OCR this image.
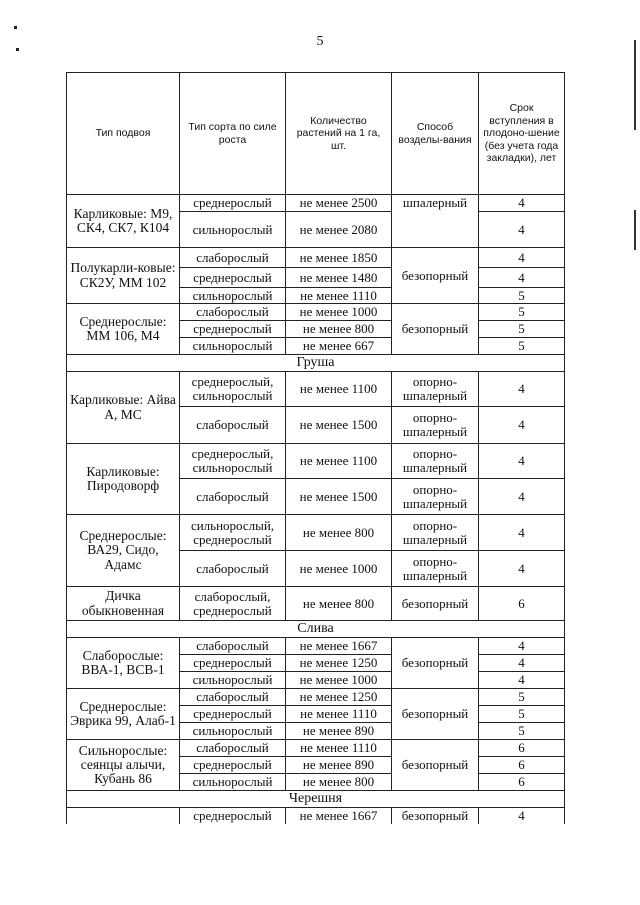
5
Тип подвоя	Тип сорта по силе роста	Количество растений на 1 га, шт.	Способ возделы-вания	Срок вступления в плодоно-шение (без учета года закладки), лет
Карликовые: М9, СК4, СК7, К104	среднерослый	не менее 2500	шпалерный	4
	сильнорослый	не менее 2080		4
Полукарли-ковые: СК2У, ММ 102	слаборослый	не менее 1850	безопорный	4
	среднерослый	не менее 1480		4
	сильнорослый	не менее 1110		5
Среднерослые: ММ 106, М4	слаборослый	не менее 1000	безопорный	5
	среднерослый	не менее 800		5
	сильнорослый	не менее 667		5
Груша				
Карликовые: Айва А, МС	среднерослый, сильнорослый	не менее 1100	опорно-шпалерный	4
	слаборослый	не менее 1500	опорно-шпалерный	4
Карликовые: Пиродоворф	среднерослый, сильнорослый	не менее 1100	опорно-шпалерный	4
	слаборослый	не менее 1500	опорно-шпалерный	4
Среднерослые: ВА29, Сидо, Адамс	сильнорослый, среднерослый	не менее 800	опорно-шпалерный	4
	слаборослый	не менее 1000	опорно-шпалерный	4
Дичка обыкновенная	слаборослый, среднерослый	не менее 800	безопорный	6
Слива				
Слаборослые: ВВА-1, ВСВ-1	слаборослый	не менее 1667	безопорный	4
	среднерослый	не менее 1250		4
	сильнорослый	не менее 1000		4
Среднерослые: Эврика 99, Алаб-1	слаборослый	не менее 1250	безопорный	5
	среднерослый	не менее 1110		5
	сильнорослый	не менее 890		5
Сильнорослые: сеянцы алычи, Кубань 86	слаборослый	не менее 1110	безопорный	6
	среднерослый	не менее 890		6
	сильнорослый	не менее 800		6
Черешня				
	среднерослый	не менее 1667	безопорный	4
